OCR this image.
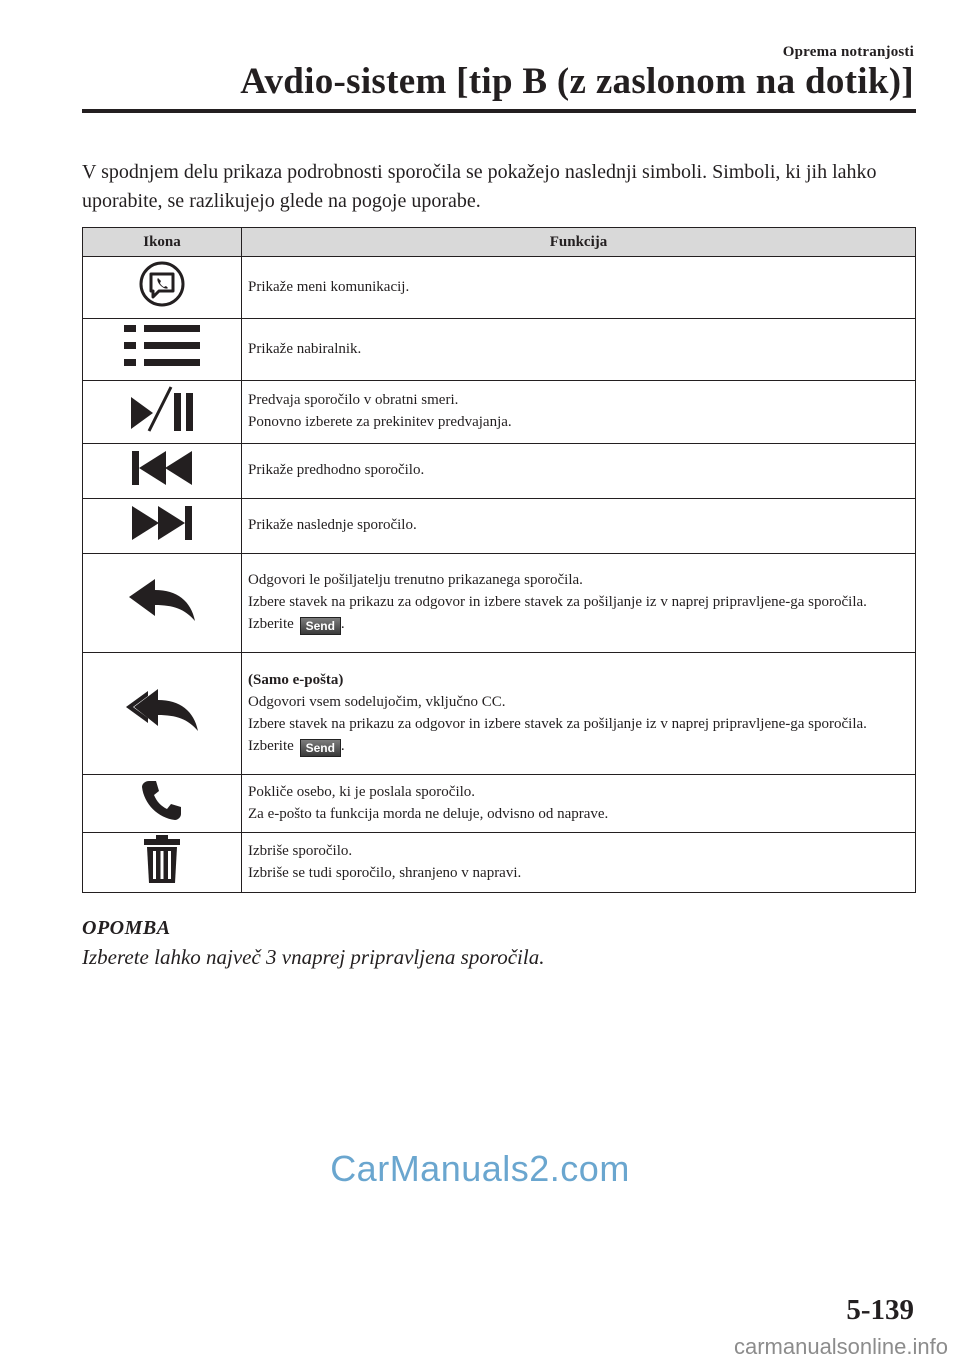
Oprema notranjosti
Avdio-sistem [tip B (z zaslonom na dotik)]
V spodnjem delu prikaza podrobnosti sporočila se pokažejo naslednji simboli. Simboli, ki jih lahko uporabite, se razlikujejo glede na pogoje uporabe.
Ikona	Funkcija

Prikaže meni komunikacij.

Prikaže nabiralnik.

Predvaja sporočilo v obratni smeri.
Ponovno izberete za prekinitev predvajanja.

Prikaže predhodno sporočilo.

Prikaže naslednje sporočilo.

Odgovori le pošiljatelju trenutno prikazanega sporočila.
Izbere stavek na prikazu za odgovor in izbere stavek za pošiljanje iz v naprej pripravljene-ga sporočila.
Izberite Send .

(Samo e-pošta)
Odgovori vsem sodelujočim, vključno CC.
Izbere stavek na prikazu za odgovor in izbere stavek za pošiljanje iz v naprej pripravljene-ga sporočila.
Izberite Send .

Pokliče osebo, ki je poslala sporočilo.
Za e-pošto ta funkcija morda ne deluje, odvisno od naprave.

Izbriše sporočilo.
Izbriše se tudi sporočilo, shranjeno v napravi.
OPOMBA
Izberete lahko največ 3 vnaprej pripravljena sporočila.
CarManuals2.com
5-139
carmanualsonline.info
